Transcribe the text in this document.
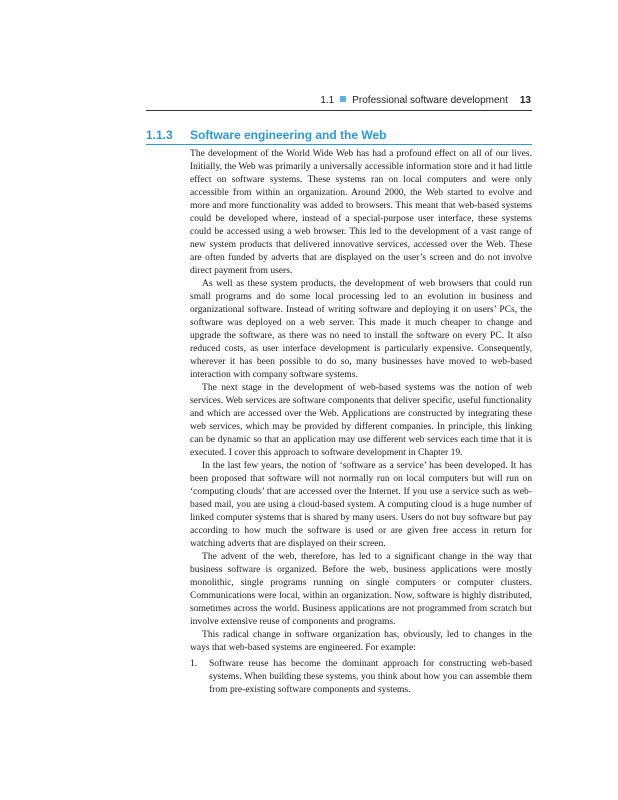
1.1 Professional software development 13
1.1.3	Software engineering and the Web

The development of the World Wide Web has had a profound effect on all of our lives. Initially, the Web was primarily a universally accessible information store and it had little effect on software systems. These systems ran on local computers and were only accessible from within an organization. Around 2000, the Web started to evolve and more and more functionality was added to browsers. This meant that web-based systems could be developed where, instead of a special-purpose user interface, these systems could be accessed using a web browser. This led to the development of a vast range of new system products that delivered innovative services, accessed over the Web. These are often funded by adverts that are displayed on the user’s screen and do not involve direct payment from users.

As well as these system products, the development of web browsers that could run small programs and do some local processing led to an evolution in business and organizational software. Instead of writing software and deploying it on users’ PCs, the software was deployed on a web server. This made it much cheaper to change and upgrade the software, as there was no need to install the software on every PC. It also reduced costs, as user interface development is particularly expensive. Consequently, wherever it has been possible to do so, many businesses have moved to web-based interaction with company software systems.

The next stage in the development of web-based systems was the notion of web services. Web services are software components that deliver specific, useful functionality and which are accessed over the Web. Applications are constructed by integrating these web services, which may be provided by different companies. In principle, this linking can be dynamic so that an application may use different web services each time that it is executed. I cover this approach to software development in Chapter 19.

In the last few years, the notion of ‘software as a service’ has been developed. It has been proposed that software will not normally run on local computers but will run on ‘computing clouds’ that are accessed over the Internet. If you use a service such as web-based mail, you are using a cloud-based system. A computing cloud is a huge number of linked computer systems that is shared by many users. Users do not buy software but pay according to how much the software is used or are given free access in return for watching adverts that are displayed on their screen.

The advent of the web, therefore, has led to a significant change in the way that business software is organized. Before the web, business applications were mostly monolithic, single programs running on single computers or computer clusters. Communications were local, within an organization. Now, software is highly distributed, sometimes across the world. Business applications are not programmed from scratch but involve extensive reuse of components and programs.

This radical change in software organization has, obviously, led to changes in the ways that web-based systems are engineered. For example:

1.	Software reuse has become the dominant approach for constructing web-based systems. When building these systems, you think about how you can assemble them from pre-existing software components and systems.
